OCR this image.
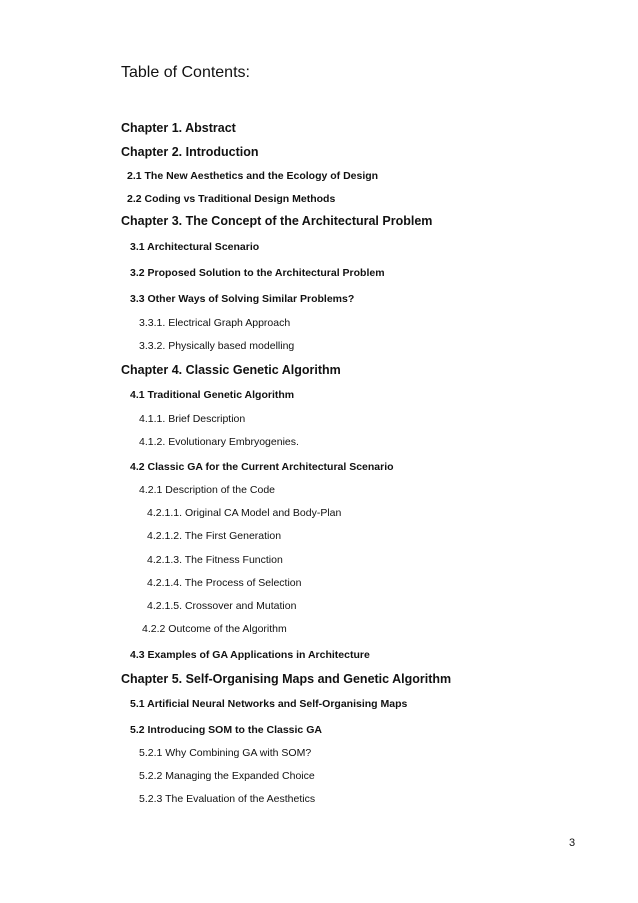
Table of Contents:
Chapter 1. Abstract
Chapter 2. Introduction
2.1 The New Aesthetics and the Ecology of Design
2.2 Coding vs Traditional Design Methods
Chapter 3. The Concept of the Architectural Problem
3.1 Architectural Scenario
3.2 Proposed Solution to the Architectural Problem
3.3 Other Ways of Solving Similar Problems?
3.3.1. Electrical Graph Approach
3.3.2. Physically based modelling
Chapter 4. Classic Genetic Algorithm
4.1 Traditional Genetic Algorithm
4.1.1. Brief Description
4.1.2. Evolutionary Embryogenies.
4.2 Classic GA for the Current Architectural Scenario
4.2.1 Description of the Code
4.2.1.1. Original CA Model and Body-Plan
4.2.1.2. The First Generation
4.2.1.3. The Fitness Function
4.2.1.4. The Process of Selection
4.2.1.5. Crossover and Mutation
4.2.2 Outcome of the Algorithm
4.3 Examples of GA Applications in Architecture
Chapter 5. Self-Organising Maps and Genetic Algorithm
5.1 Artificial Neural Networks and Self-Organising Maps
5.2 Introducing SOM to the Classic GA
5.2.1 Why Combining GA with SOM?
5.2.2 Managing the Expanded Choice
5.2.3 The Evaluation of the Aesthetics
3
